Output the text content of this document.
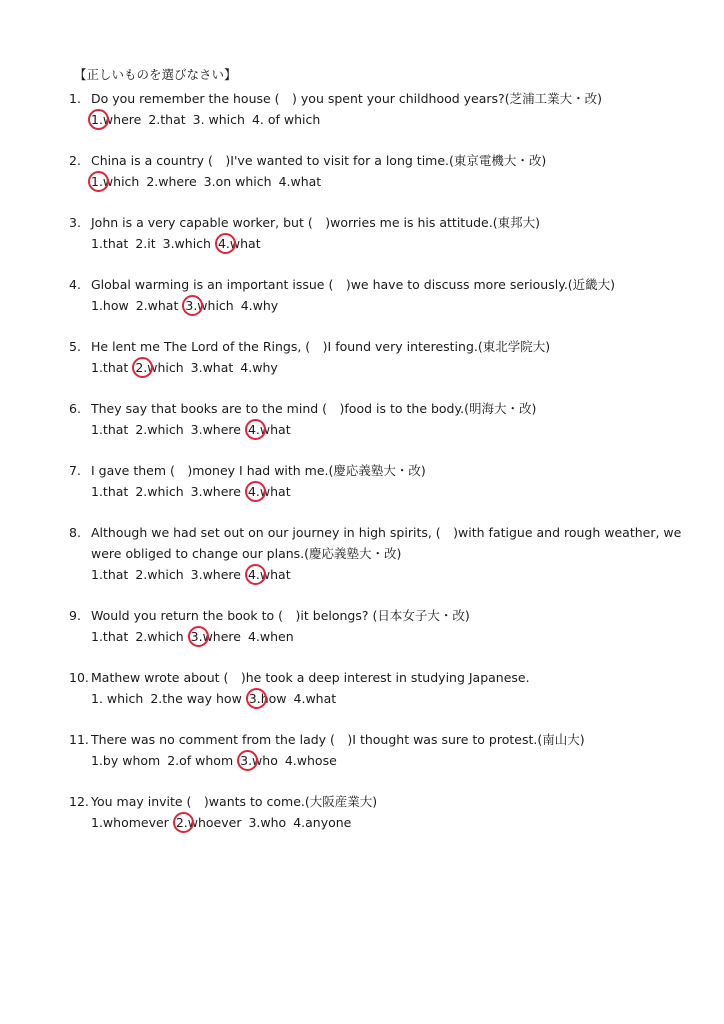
【正しいものを選びなさい】
1. Do you remember the house ( ) you spent your childhood years?(芝浦工業大・改)
1.where 2.that 3. which 4. of which
2. China is a country ( )I've wanted to visit for a long time.(東京電機大・改)
1.which 2.where 3.on which 4.what
3. John is a very capable worker, but ( )worries me is his attitude.(東邦大)
1.that 2.it 3.which 4.what
4. Global warming is an important issue ( )we have to discuss more seriously.(近畿大)
1.how 2.what 3.which 4.why
5. He lent me The Lord of the Rings, ( )I found very interesting.(東北学院大)
1.that 2.which 3.what 4.why
6. They say that books are to the mind ( )food is to the body.(明海大・改)
1.that 2.which 3.where 4.what
7. I gave them ( )money I had with me.(慶応義塾大・改)
1.that 2.which 3.where 4.what
8. Although we had set out on our journey in high spirits, ( )with fatigue and rough weather, we were obliged to change our plans.(慶応義塾大・改)
1.that 2.which 3.where 4.what
9. Would you return the book to ( )it belongs? (日本女子大・改)
1.that 2.which 3.where 4.when
10. Mathew wrote about ( )he took a deep interest in studying Japanese.
1. which 2.the way how 3.how 4.what
11. There was no comment from the lady ( )I thought was sure to protest.(南山大)
1.by whom 2.of whom 3.who 4.whose
12. You may invite ( )wants to come.(大阪産業大)
1.whomever 2.whoever 3.who 4.anyone
